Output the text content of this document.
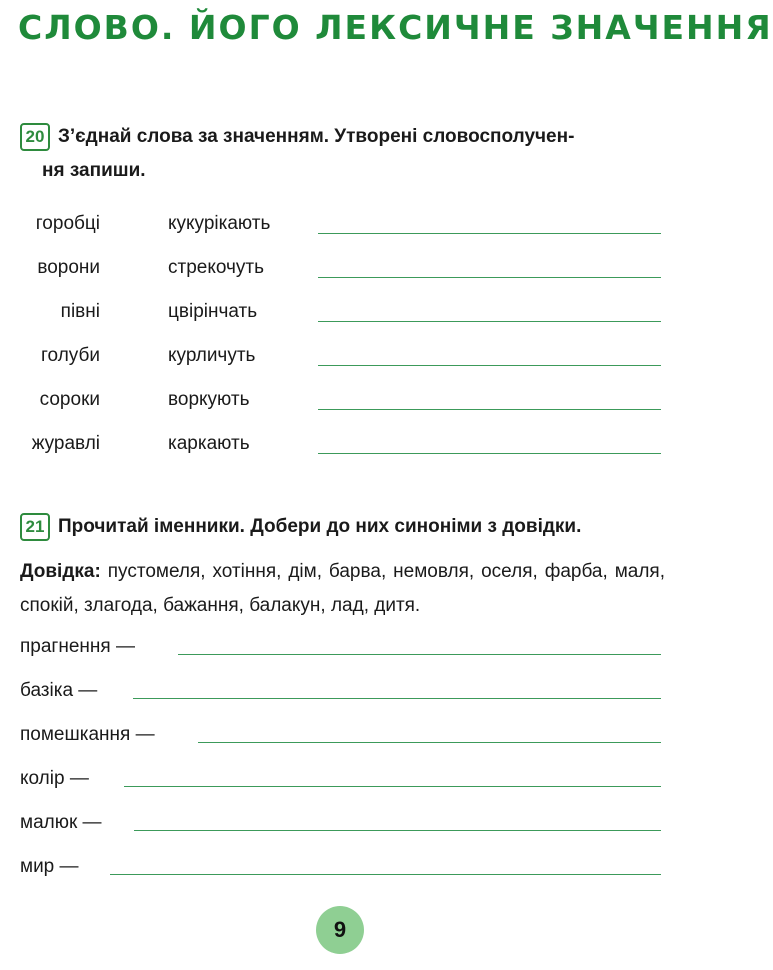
СЛОВО. ЙОГО ЛЕКСИЧНЕ ЗНАЧЕННЯ
20 З’єднай слова за значенням. Утворені словосполучен-
ня запиши.
горобці
ворони
півні
голуби
сороки
журавлі
кукурікають
стрекочуть
цвірінчать
курличуть
воркують
каркають
21 Прочитай іменники. Добери до них синоніми з довідки.
Довідка: пустомеля, хотіння, дім, барва, немовля, оселя, фарба, маля, спокій, злагода, бажання, балакун, лад, дитя.
прагнення —
базіка —
помешкання —
колір —
малюк —
мир —
9
